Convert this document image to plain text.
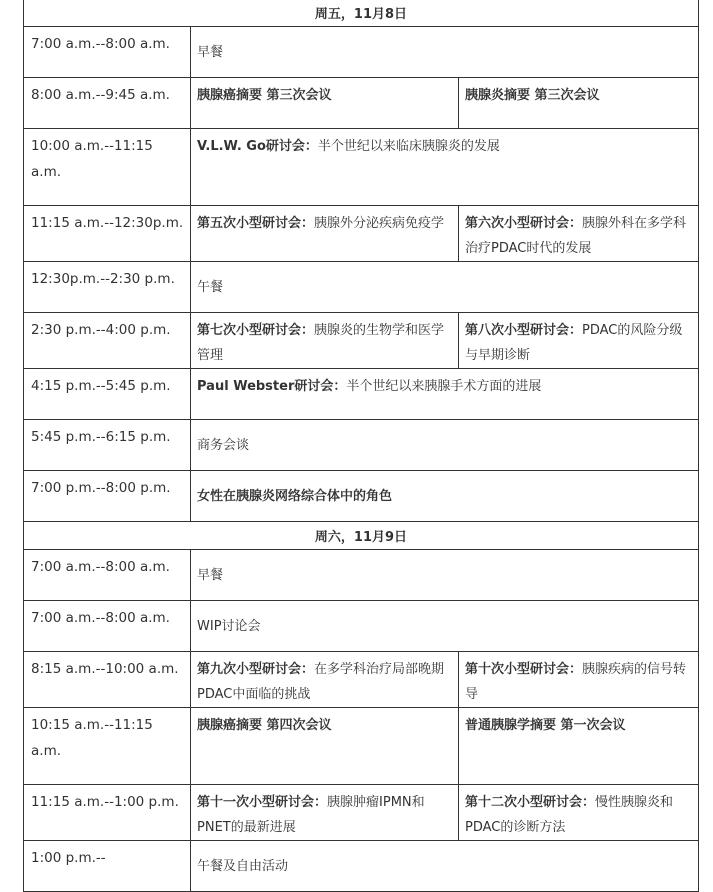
周五，11月8日		
7:00 a.m.--8:00 a.m.	早餐	
8:00 a.m.--9:45 a.m.	胰腺癌摘要 第三次会议	胰腺炎摘要 第三次会议
10:00 a.m.--11:15 a.m.	V.L.W. Go研讨会：半个世纪以来临床胰腺炎的发展	
11:15 a.m.--12:30p.m.	第五次小型研讨会：胰腺外分泌疾病免疫学	第六次小型研讨会：胰腺外科在多学科治疗PDAC时代的发展
12:30p.m.--2:30 p.m.	午餐	
2:30 p.m.--4:00 p.m.	第七次小型研讨会：胰腺炎的生物学和医学管理	第八次小型研讨会：PDAC的风险分级与早期诊断
4:15 p.m.--5:45 p.m.	Paul Webster研讨会：半个世纪以来胰腺手术方面的进展	
5:45 p.m.--6:15 p.m.	商务会谈	
7:00 p.m.--8:00 p.m.	女性在胰腺炎网络综合体中的角色	
周六，11月9日		
7:00 a.m.--8:00 a.m.	早餐	
7:00 a.m.--8:00 a.m.	WIP讨论会	
8:15 a.m.--10:00 a.m.	第九次小型研讨会：在多学科治疗局部晚期PDAC中面临的挑战	第十次小型研讨会：胰腺疾病的信号转导
10:15 a.m.--11:15 a.m.	胰腺癌摘要 第四次会议	普通胰腺学摘要 第一次会议
11:15 a.m.--1:00 p.m.	第十一次小型研讨会：胰腺肿瘤IPMN和PNET的最新进展	第十二次小型研讨会：慢性胰腺炎和PDAC的诊断方法
1:00 p.m.--	午餐及自由活动	
